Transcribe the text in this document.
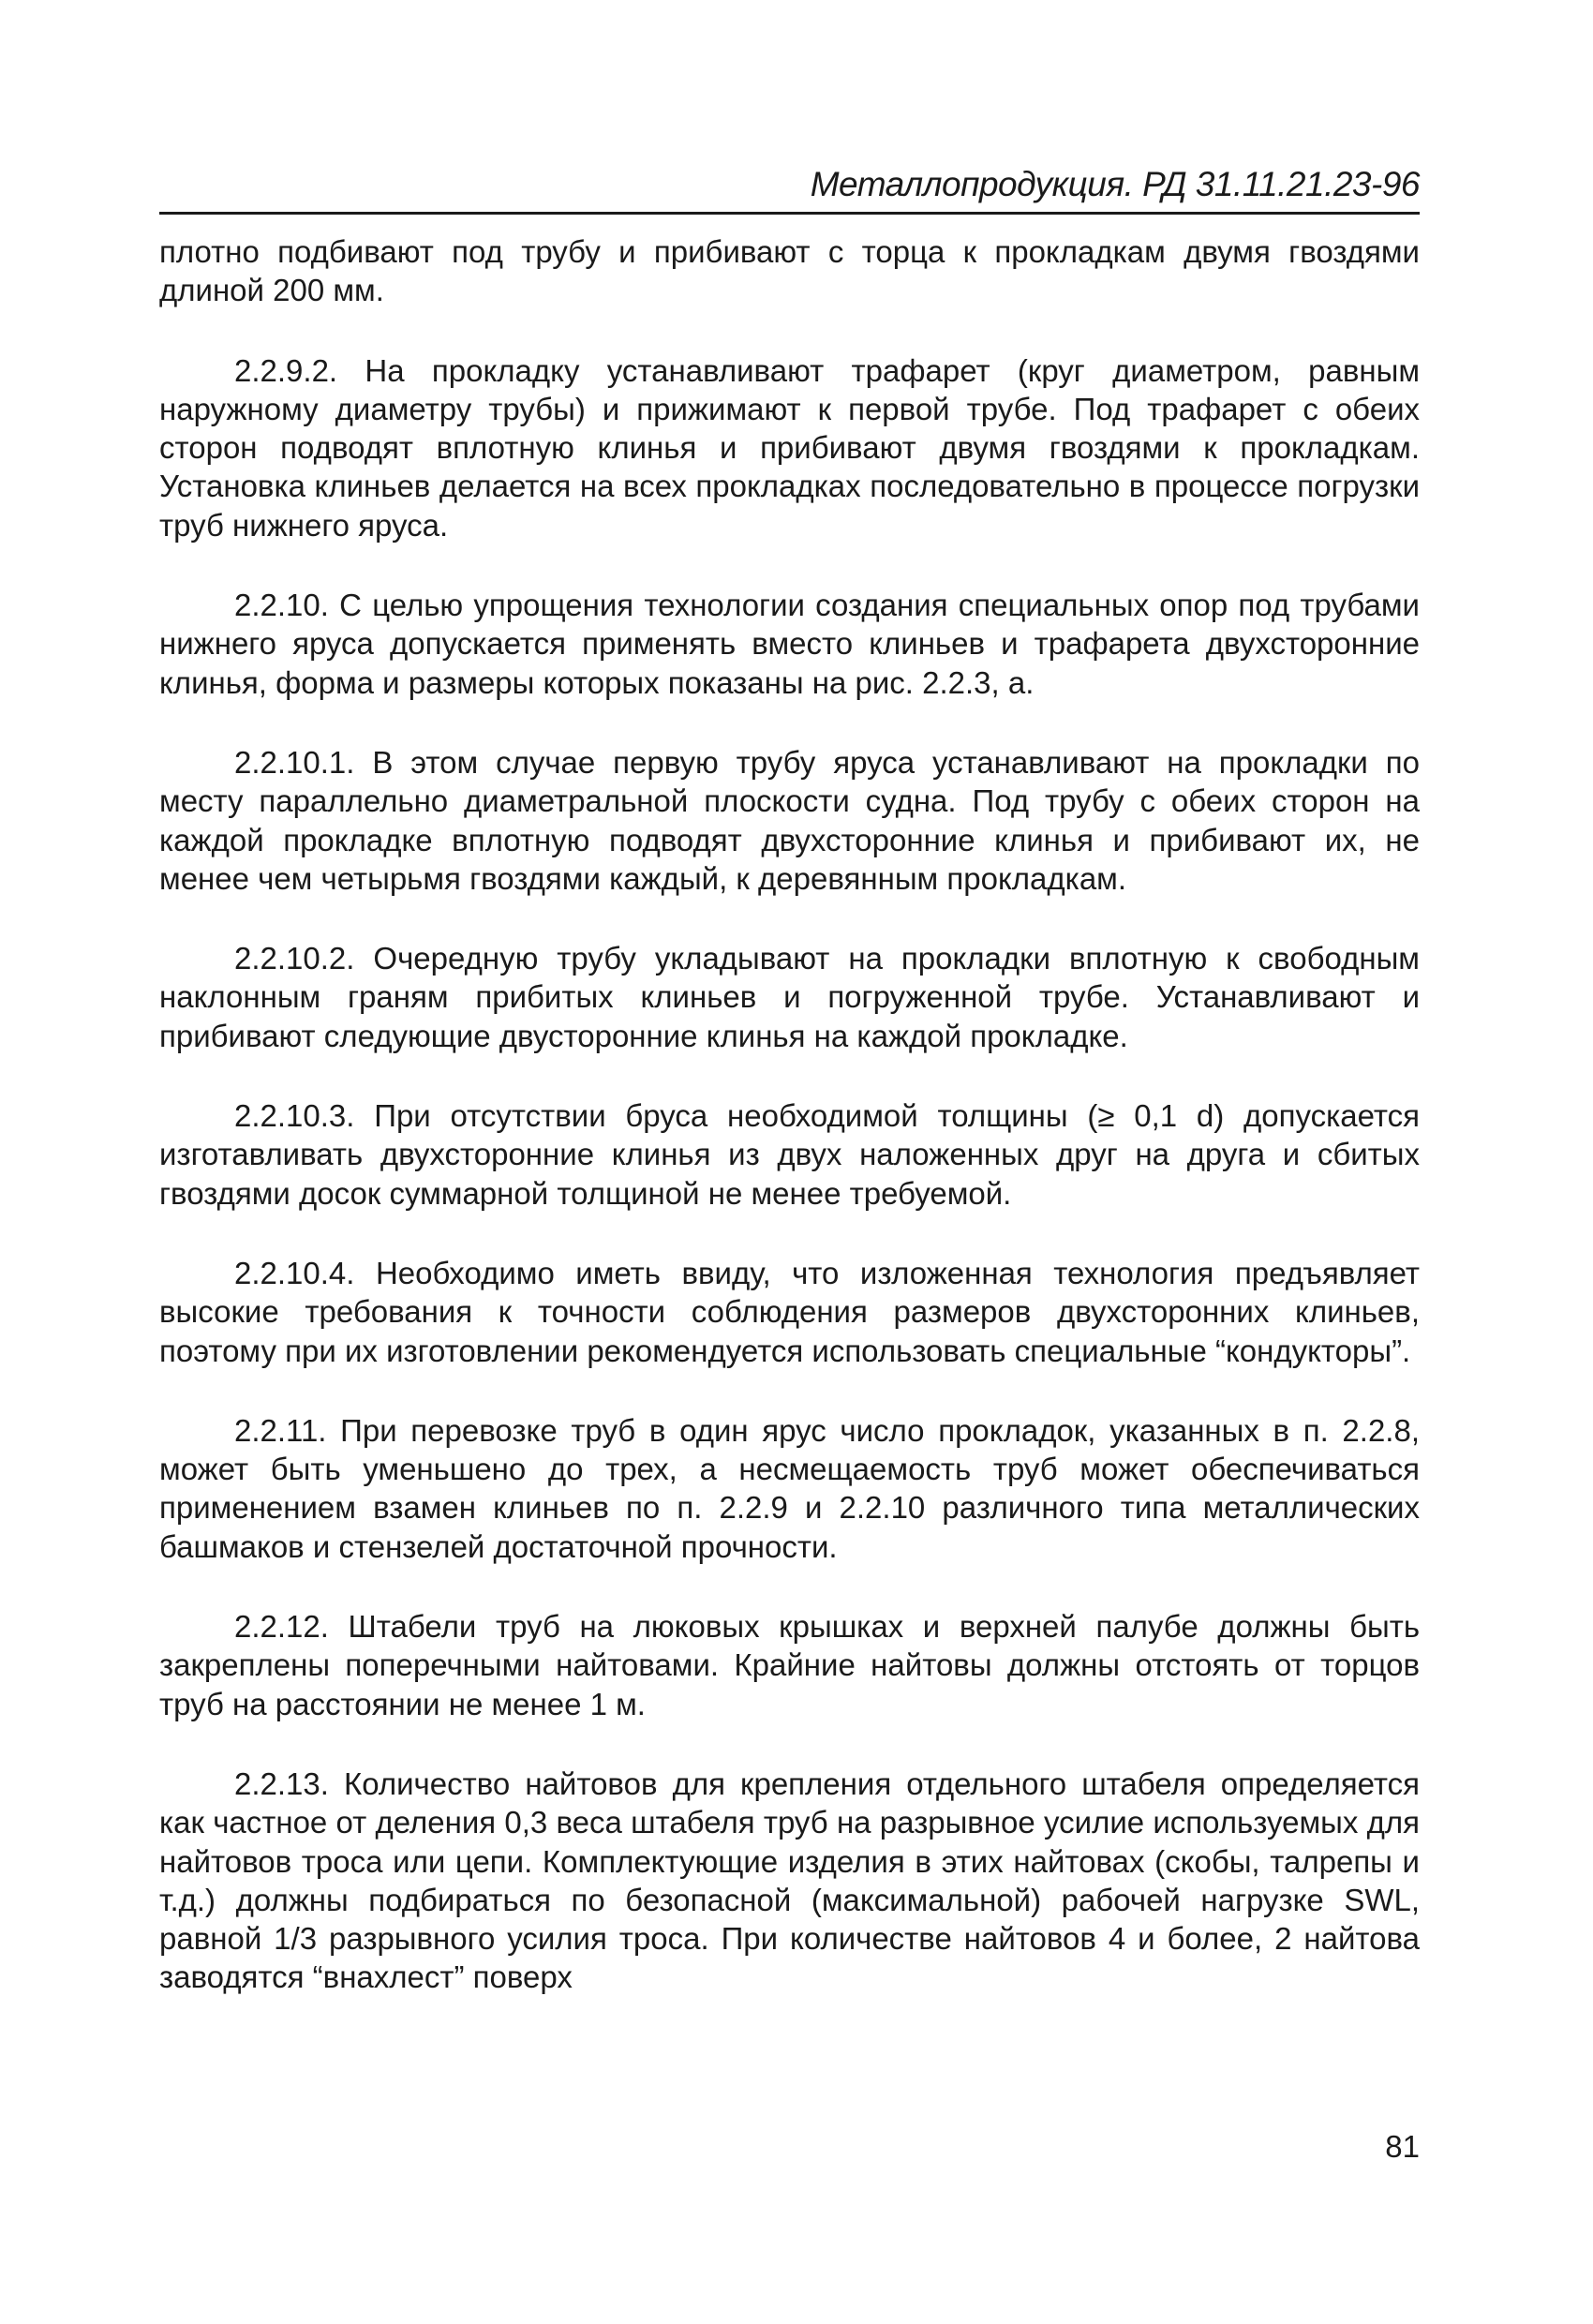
Металлопродукция. РД 31.11.21.23-96

плотно подбивают под трубу и прибивают с торца к прокладкам двумя гвоздями длиной 200 мм.

2.2.9.2. На прокладку устанавливают трафарет (круг диаметром, равным наружному диаметру трубы) и прижимают к первой трубе. Под трафарет с обеих сторон подводят вплотную клинья и прибивают двумя гвоздями к прокладкам. Установка клиньев делается на всех прокладках последовательно в процессе погрузки труб нижнего яруса.

2.2.10. С целью упрощения технологии создания специальных опор под трубами нижнего яруса допускается применять вместо клиньев и трафарета двухсторонние клинья, форма и размеры которых показаны на рис. 2.2.3, а.

2.2.10.1. В этом случае первую трубу яруса устанавливают на прокладки по месту параллельно диаметральной плоскости судна. Под трубу с обеих сторон на каждой прокладке вплотную подводят двухсторонние клинья и прибивают их, не менее чем четырьмя гвоздями каждый, к деревянным прокладкам.

2.2.10.2. Очередную трубу укладывают на прокладки вплотную к свободным наклонным граням прибитых клиньев и погруженной трубе. Устанавливают и прибивают следующие двусторонние клинья на каждой прокладке.

2.2.10.3. При отсутствии бруса необходимой толщины (≥ 0,1 d) допускается изготавливать двухсторонние клинья из двух наложенных друг на друга и сбитых гвоздями досок суммарной толщиной не менее требуемой.

2.2.10.4. Необходимо иметь ввиду, что изложенная технология предъявляет высокие требования к точности соблюдения размеров двухсторонних клиньев, поэтому при их изготовлении рекомендуется использовать специальные “кондукторы”.

2.2.11. При перевозке труб в один ярус число прокладок, указанных в п. 2.2.8, может быть уменьшено до трех, а несмещаемость труб может обеспечиваться применением взамен клиньев по п. 2.2.9 и 2.2.10 различного типа металлических башмаков и стензелей достаточной прочности.

2.2.12. Штабели труб на люковых крышках и верхней палубе должны быть закреплены поперечными найтовами. Крайние найтовы должны отстоять от торцов труб на расстоянии не менее 1 м.

2.2.13. Количество найтовов для крепления отдельного штабеля определяется как частное от деления 0,3 веса штабеля труб на разрывное усилие используемых для найтовов троса или цепи. Комплектующие изделия в этих найтовах (скобы, талрепы и т.д.) должны подбираться по безопасной (максимальной) рабочей нагрузке SWL, равной 1/3 разрывного усилия троса. При количестве найтовов 4 и более, 2 найтова заводятся “внахлест” поверх

81
